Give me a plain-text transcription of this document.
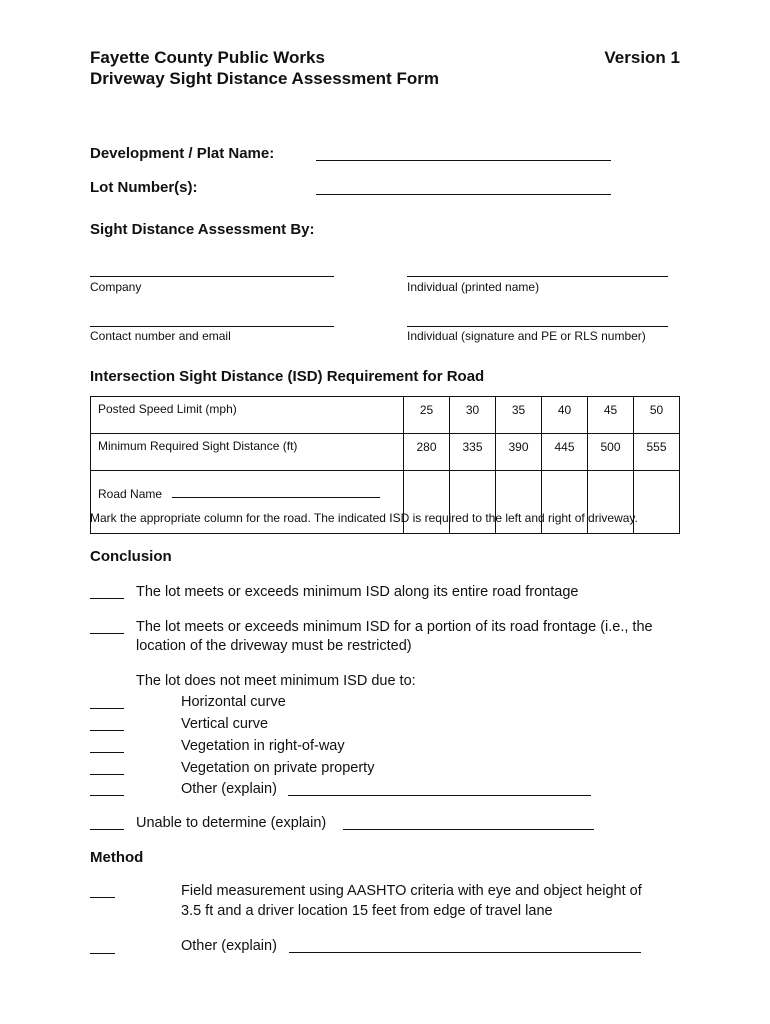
Fayette County Public Works
Driveway Sight Distance Assessment Form
Version 1
Development / Plat Name:
Lot Number(s):
Sight Distance Assessment By:
Company	Individual (printed name)
Contact number and email	Individual (signature and PE or RLS number)
Intersection Sight Distance (ISD) Requirement for Road
Posted Speed Limit (mph)	25	30	35	40	45	50
Minimum Required Sight Distance (ft)	280	335	390	445	500	555
Road Name						
Mark the appropriate column for the road. The indicated ISD is required to the left and right of driveway.
Conclusion
The lot meets or exceeds minimum ISD along its entire road frontage
The lot meets or exceeds minimum ISD for a portion of its road frontage (i.e., the
location of the driveway must be restricted)
The lot does not meet minimum ISD due to:
Horizontal curve
Vertical curve
Vegetation in right-of-way
Vegetation on private property
Other (explain)
Unable to determine (explain)
Method
Field measurement using AASHTO criteria with eye and object height of
3.5 ft and a driver location 15 feet from edge of travel lane
Other (explain)
